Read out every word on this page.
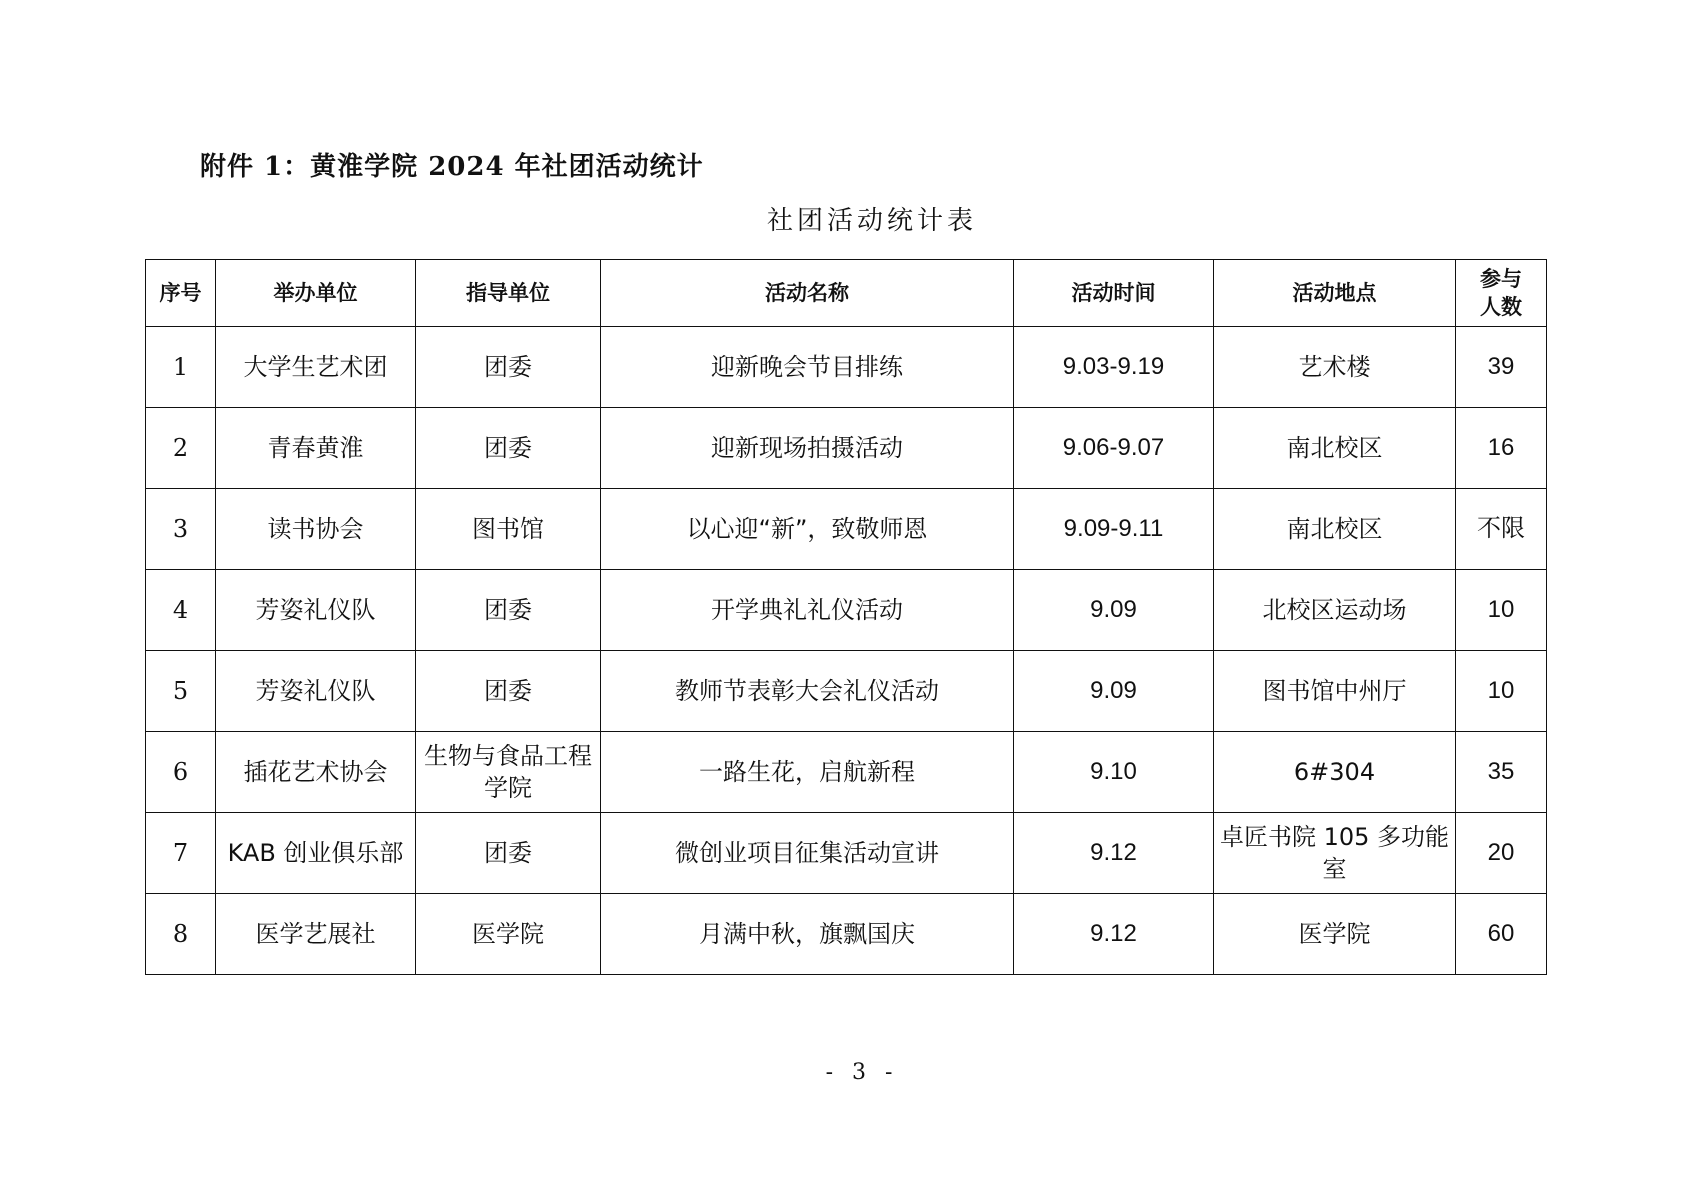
附件 1：黄淮学院 2024 年社团活动统计
社团活动统计表
序号	举办单位	指导单位	活动名称	活动时间	活动地点	参与人数
1	大学生艺术团	团委	迎新晚会节目排练	9.03-9.19	艺术楼	39
2	青春黄淮	团委	迎新现场拍摄活动	9.06-9.07	南北校区	16
3	读书协会	图书馆	以心迎“新”，致敬师恩	9.09-9.11	南北校区	不限
4	芳姿礼仪队	团委	开学典礼礼仪活动	9.09	北校区运动场	10
5	芳姿礼仪队	团委	教师节表彰大会礼仪活动	9.09	图书馆中州厅	10
6	插花艺术协会	生物与食品工程学院	一路生花，启航新程	9.10	6#304	35
7	KAB 创业俱乐部	团委	微创业项目征集活动宣讲	9.12	卓匠书院 105 多功能室	20
8	医学艺展社	医学院	月满中秋，旗飘国庆	9.12	医学院	60
- 3 -
